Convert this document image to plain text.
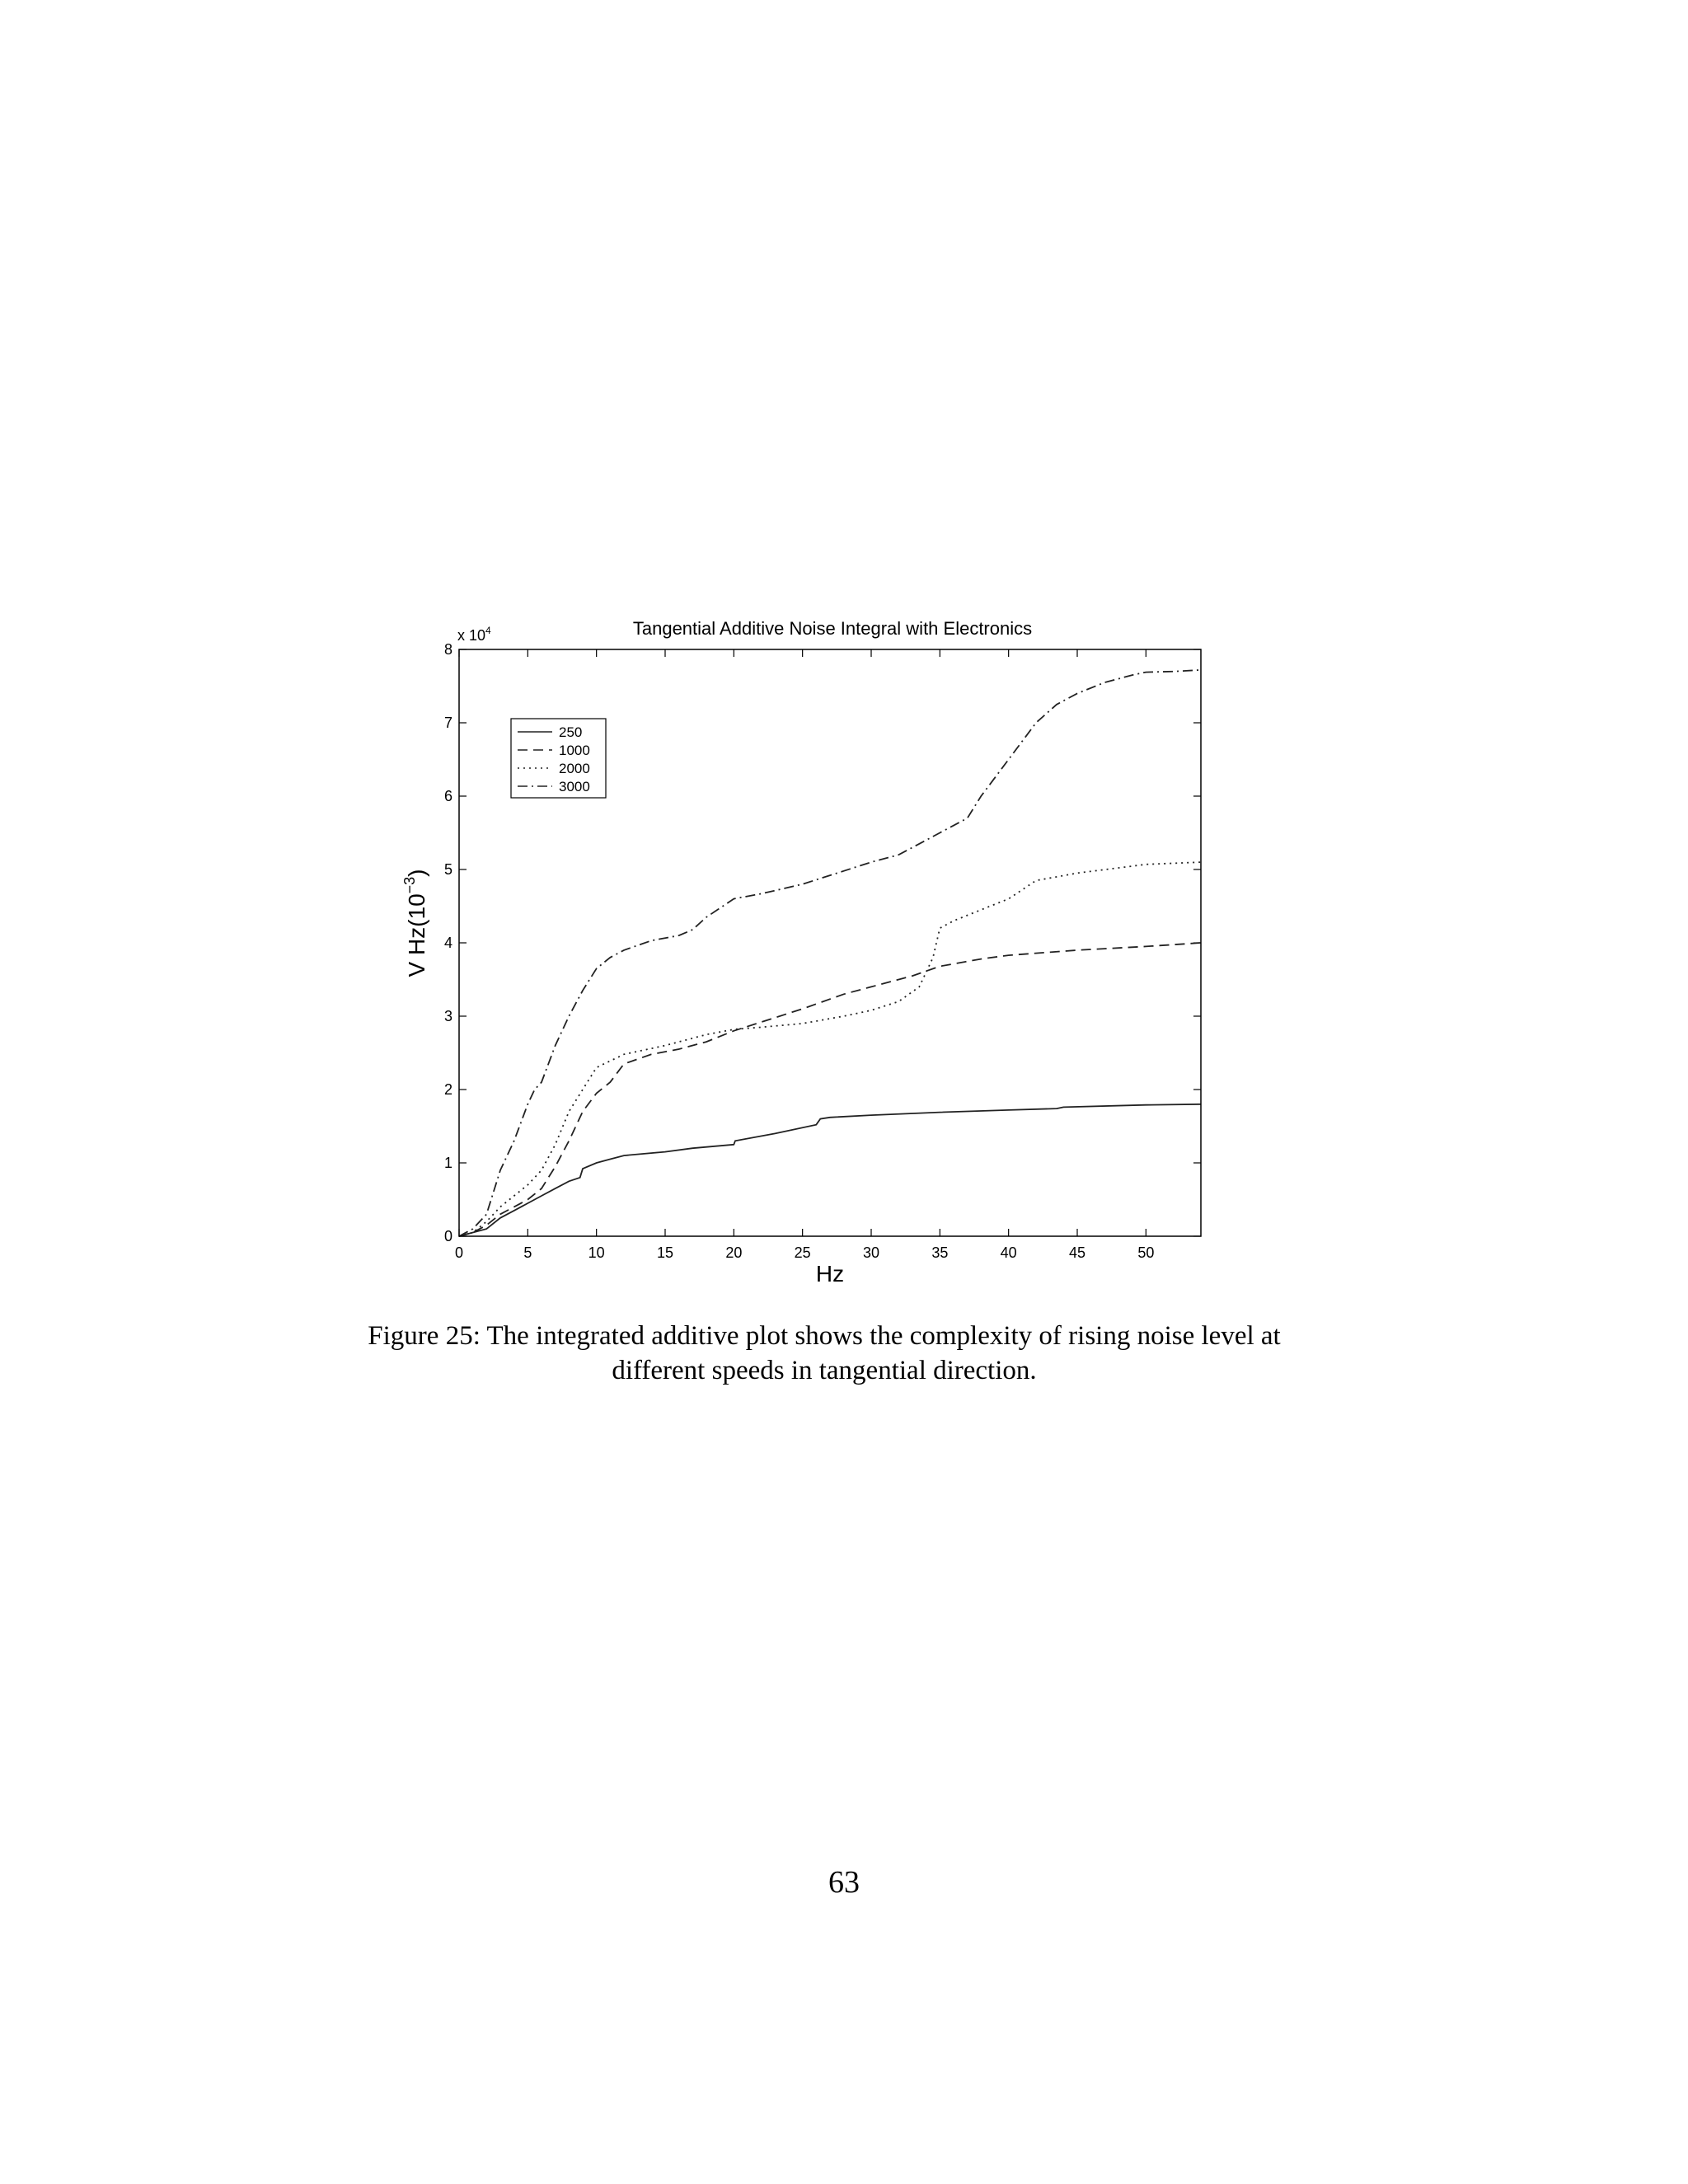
Tangential Additive Noise Integral with Electronics
x $10^4$
V $Hz(10^{-3})$
Hz
0	5	10	15	20	25	30	35	40	45	50
0
1
2
3
4
5
6
7
8
250
1000
2000
3000
Figure 25: The integrated additive plot shows the complexity of rising noise level at
different speeds in tangential direction.
63
